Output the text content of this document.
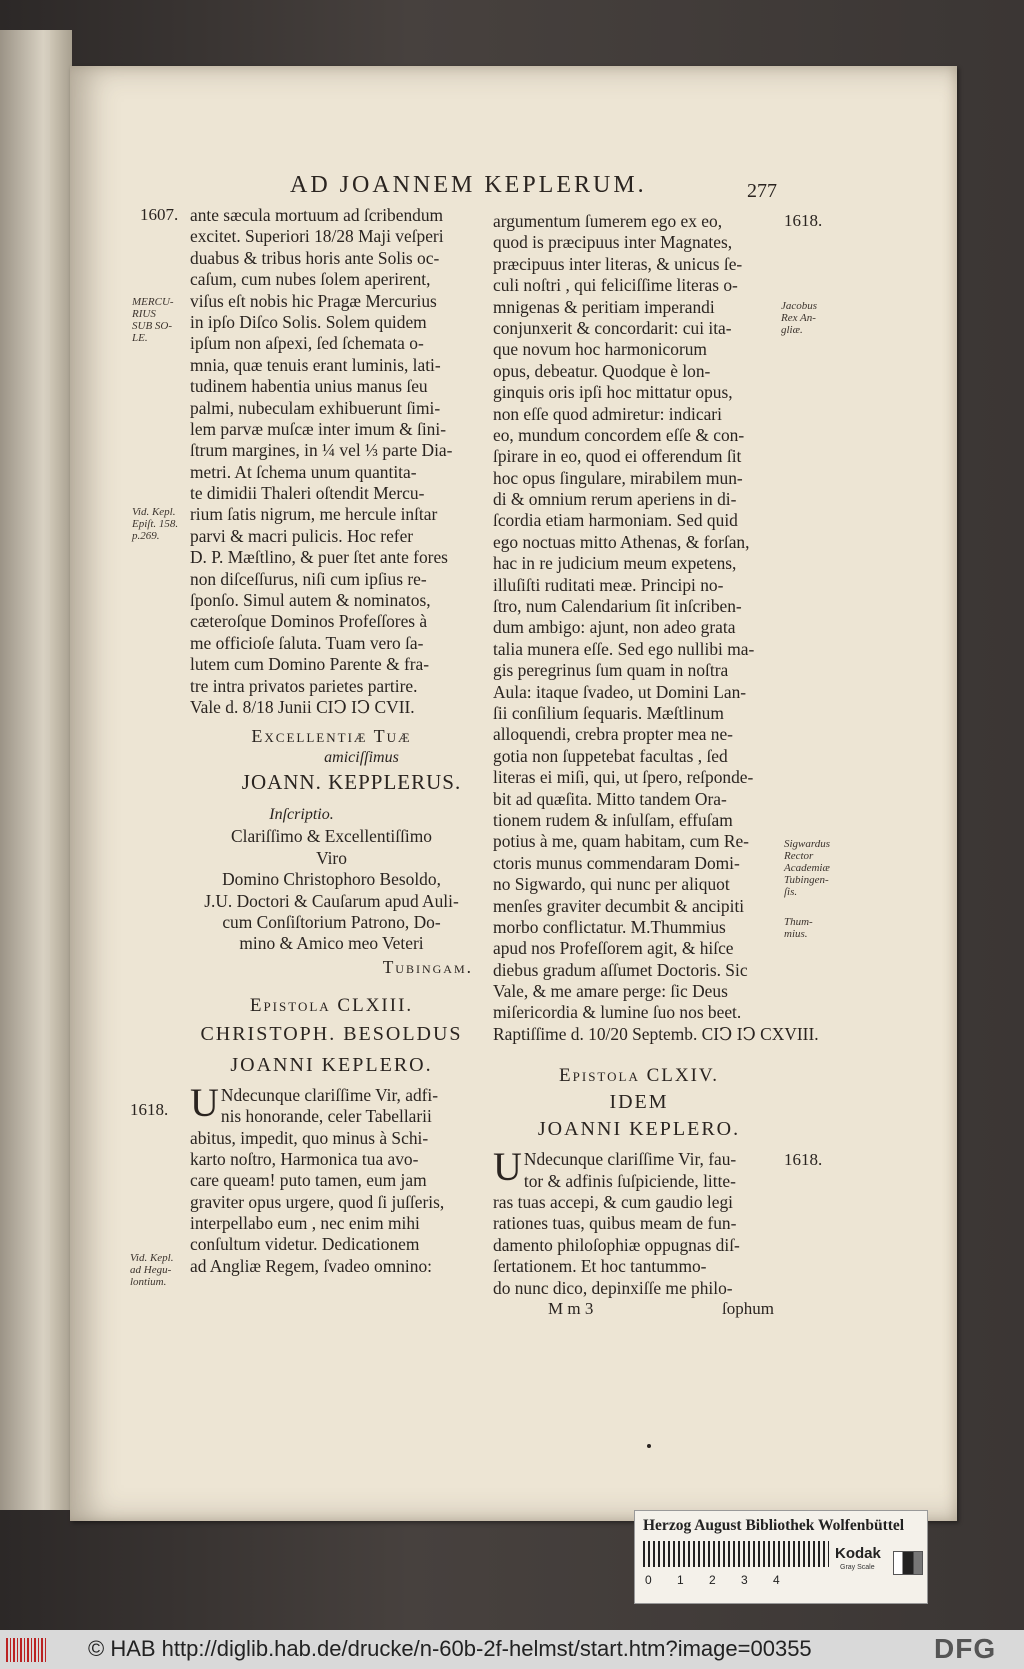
AD JOANNEM KEPLERUM.	277
1607.
1618.
1618.
1618.
MERCU-
RIUS
SUB SO-
LE.
Vid. Kepl.
Epiſt. 158.
p.269.
Vid. Kepl.
ad Hegu-
lontium.
Jacobus
Rex An-
gliæ.
Sigwardus
Rector
Academiæ
Tubingen-
ſis.
Thum-
mius.
ante sæcula mortuum ad ſcribendum
excitet. Superiori 18/28 Maji veſperi
duabus & tribus horis ante Solis oc-
caſum, cum nubes ſolem aperirent,
viſus eſt nobis hic Pragæ Mercurius
in ipſo Diſco Solis. Solem quidem
ipſum non aſpexi, ſed ſchemata o-
mnia, quæ tenuis erant luminis, lati-
tudinem habentia unius manus ſeu
palmi, nubeculam exhibuerunt ſimi-
lem parvæ muſcæ inter imum & ſini-
ſtrum margines, in ¼ vel ⅓ parte Dia-
metri. At ſchema unum quantita-
te dimidii Thaleri oſtendit Mercu-
rium ſatis nigrum, me hercule inſtar
parvi & macri pulicis. Hoc refer
D. P. Mæſtlino, & puer ſtet ante fores
non diſceſſurus, niſi cum ipſius re-
ſponſo. Simul autem & nominatos,
cæteroſque Dominos Profeſſores à
me officioſe ſaluta. Tuam vero ſa-
lutem cum Domino Parente & fra-
tre intra privatos parietes partire.
Vale d. 8/18 Junii CIↃ IↃ CVII.
Excellentiæ Tuæ
amiciſſimus
JOANN. KEPPLERUS.
Inſcriptio.
Clariſſimo & Excellentiſſimo
Viro
Domino Christophoro Besoldo,
J.U. Doctori & Cauſarum apud Auli-
cum Conſiſtorium Patrono, Do-
mino & Amico meo Veteri
Tubingam.
Epistola CLXIII.
CHRISTOPH. BESOLDUS
JOANNI KEPLERO.
U Ndecunque clariſſime Vir, adfi-
nis honorande, celer Tabellarii
abitus, impedit, quo minus à Schi-
karto noſtro, Harmonica tua avo-
care queam! puto tamen, eum jam
graviter opus urgere, quod ſi juſſeris,
interpellabo eum , nec enim mihi
conſultum videtur. Dedicationem
ad Angliæ Regem, ſvadeo omnino:
argumentum ſumerem ego ex eo,
quod is præcipuus inter Magnates,
præcipuus inter literas, & unicus ſe-
culi noſtri , qui feliciſſime literas o-
mnigenas & peritiam imperandi
conjunxerit & concordarit: cui ita-
que novum hoc harmonicorum
opus, debeatur. Quodque è lon-
ginquis oris ipſi hoc mittatur opus,
non eſſe quod admiretur: indicari
eo, mundum concordem eſſe & con-
ſpirare in eo, quod ei offerendum ſit
hoc opus ſingulare, mirabilem mun-
di & omnium rerum aperiens in di-
ſcordia etiam harmoniam. Sed quid
ego noctuas mitto Athenas, & forſan,
hac in re judicium meum expetens,
illuſiſti ruditati meæ. Principi no-
ſtro, num Calendarium ſit inſcriben-
dum ambigo: ajunt, non adeo grata
talia munera eſſe. Sed ego nullibi ma-
gis peregrinus ſum quam in noſtra
Aula: itaque ſvadeo, ut Domini Lan-
ſii conſilium ſequaris. Mæſtlinum
alloquendi, crebra propter mea ne-
gotia non ſuppetebat facultas , ſed
literas ei miſi, qui, ut ſpero, reſponde-
bit ad quæſita. Mitto tandem Ora-
tionem rudem & inſulſam, effuſam
potius à me, quam habitam, cum Re-
ctoris munus commendaram Domi-
no Sigwardo, qui nunc per aliquot
menſes graviter decumbit & ancipiti
morbo conflictatur. M.Thummius
apud nos Profeſſorem agit, & hiſce
diebus gradum aſſumet Doctoris. Sic
Vale, & me amare perge: ſic Deus
miſericordia & lumine ſuo nos beet.
Raptiſſime d. 10/20 Septemb. CIↃ IↃ CXVIII.
Epistola CLXIV.
IDEM
JOANNI KEPLERO.
U Ndecunque clariſſime Vir, fau-
tor & adfinis ſuſpiciende, litte-
ras tuas accepi, & cum gaudio legi
rationes tuas, quibus meam de fun-
damento philoſophiæ oppugnas diſ-
ſertationem. Et hoc tantummo-
do nunc dico, depinxiſſe me philo-
M m 3	ſophum
Herzog August Bibliothek Wolfenbüttel
0 1 2 3 4
Kodak
Gray Scale
© HAB http://diglib.hab.de/drucke/n-60b-2f-helmst/start.htm?image=00355	DFG
